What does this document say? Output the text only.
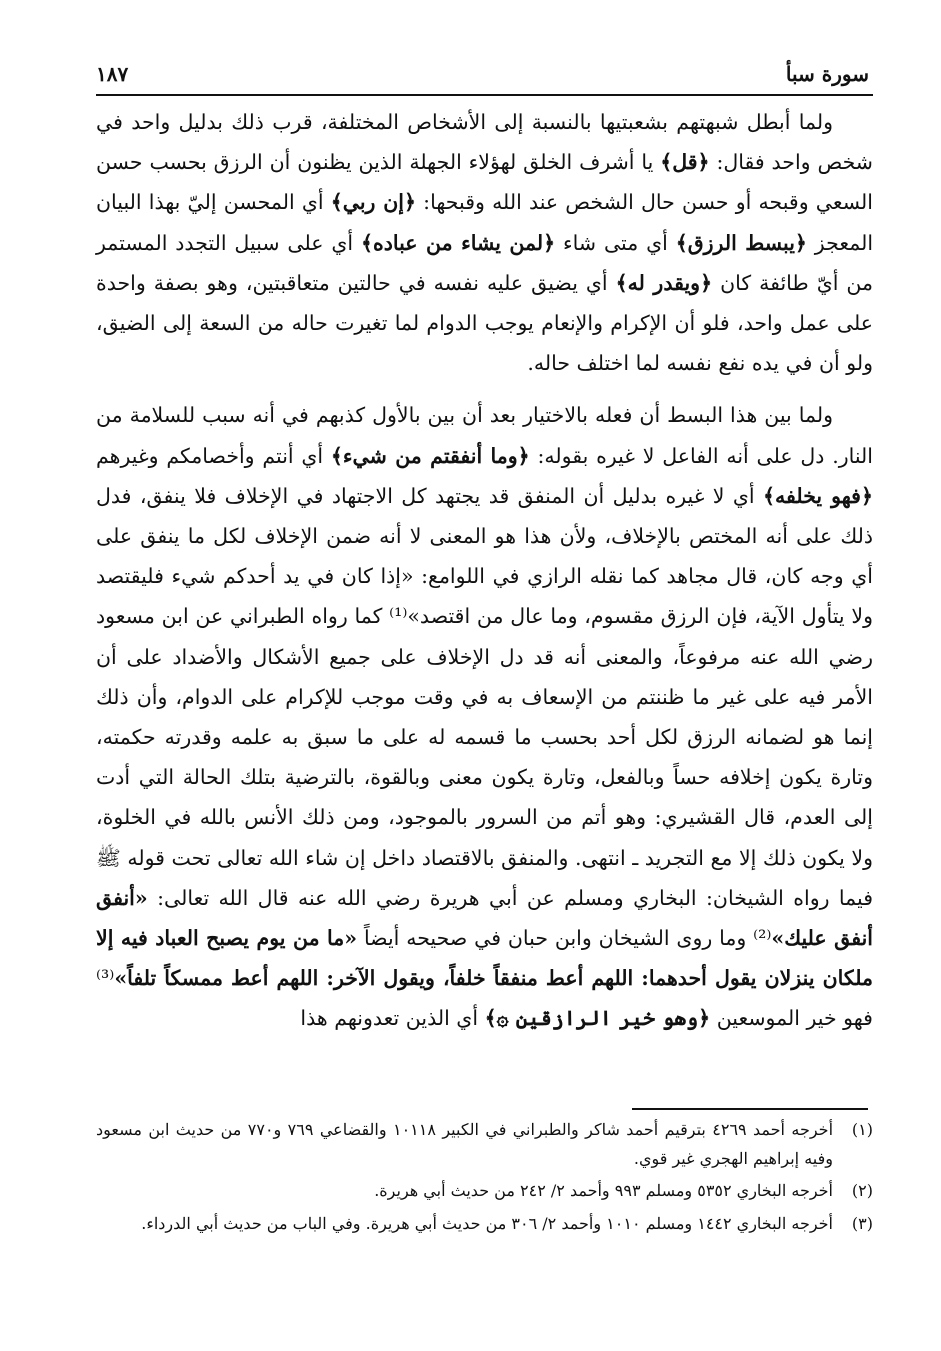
سورة سبأ
١٨٧

ولما أبطل شبهتهم بشعبتيها بالنسبة إلى الأشخاص المختلفة، قرب ذلك بدليل واحد في شخص واحد فقال: ﴿قل﴾ يا أشرف الخلق لهؤلاء الجهلة الذين يظنون أن الرزق بحسب حسن السعي وقبحه أو حسن حال الشخص عند الله وقبحها: ﴿إن ربي﴾ أي المحسن إليّ بهذا البيان المعجز ﴿يبسط الرزق﴾ أي متى شاء ﴿لمن يشاء من عباده﴾ أي على سبيل التجدد المستمر من أيّ طائفة كان ﴿ويقدر له﴾ أي يضيق عليه نفسه في حالتين متعاقبتين، وهو بصفة واحدة على عمل واحد، فلو أن الإكرام والإنعام يوجب الدوام لما تغيرت حاله من السعة إلى الضيق، ولو أن في يده نفع نفسه لما اختلف حاله.

ولما بين هذا البسط أن فعله بالاختيار بعد أن بين بالأول كذبهم في أنه سبب للسلامة من النار. دل على أنه الفاعل لا غيره بقوله: ﴿وما أنفقتم من شيء﴾ أي أنتم وأخصامكم وغيرهم ﴿فهو يخلفه﴾ أي لا غيره بدليل أن المنفق قد يجتهد كل الاجتهاد في الإخلاف فلا ينفق، فدل ذلك على أنه المختص بالإخلاف، ولأن هذا هو المعنى لا أنه ضمن الإخلاف لكل ما ينفق على أي وجه كان، قال مجاهد كما نقله الرازي في اللوامع: «إذا كان في يد أحدكم شيء فليقتصد ولا يتأول الآية، فإن الرزق مقسوم، وما عال من اقتصد»⁽¹⁾ كما رواه الطبراني عن ابن مسعود رضي الله عنه مرفوعاً، والمعنى أنه قد دل الإخلاف على جميع الأشكال والأضداد على أن الأمر فيه على غير ما ظننتم من الإسعاف به في وقت موجب للإكرام على الدوام، وأن ذلك إنما هو لضمانه الرزق لكل أحد بحسب ما قسمه له على ما سبق به علمه وقدرته حكمته، وتارة يكون إخلافه حساً وبالفعل، وتارة يكون معنى وبالقوة، بالترضية بتلك الحالة التي أدت إلى العدم، قال القشيري: وهو أتم من السرور بالموجود، ومن ذلك الأنس بالله في الخلوة، ولا يكون ذلك إلا مع التجريد ـ انتهى. والمنفق بالاقتصاد داخل إن شاء الله تعالى تحت قوله ﷺ فيما رواه الشيخان: البخاري ومسلم عن أبي هريرة رضي الله عنه قال الله تعالى: «أنفق أنفق عليك»⁽²⁾ وما روى الشيخان وابن حبان في صحيحه أيضاً «ما من يوم يصبح العباد فيه إلا ملكان ينزلان يقول أحدهما: اللهم أعط منفقاً خلفاً، ويقول الآخر: اللهم أعط ممسكاً تلفاً»⁽³⁾ فهو خير الموسعين ﴿وهو خير الرازقين ۞﴾ أي الذين تعدونهم هذا

(١)
أخرجه أحمد ٤٢٦٩ بترقيم أحمد شاكر والطبراني في الكبير ١٠١١٨ والقضاعي ٧٦٩ و٧٧٠ من حديث ابن مسعود وفيه إبراهيم الهجري غير قوي.
(٢)
أخرجه البخاري ٥٣٥٢ ومسلم ٩٩٣ وأحمد ٢/ ٢٤٢ من حديث أبي هريرة.
(٣)
أخرجه البخاري ١٤٤٢ ومسلم ١٠١٠ وأحمد ٢/ ٣٠٦ من حديث أبي هريرة. وفي الباب من حديث أبي الدرداء.
